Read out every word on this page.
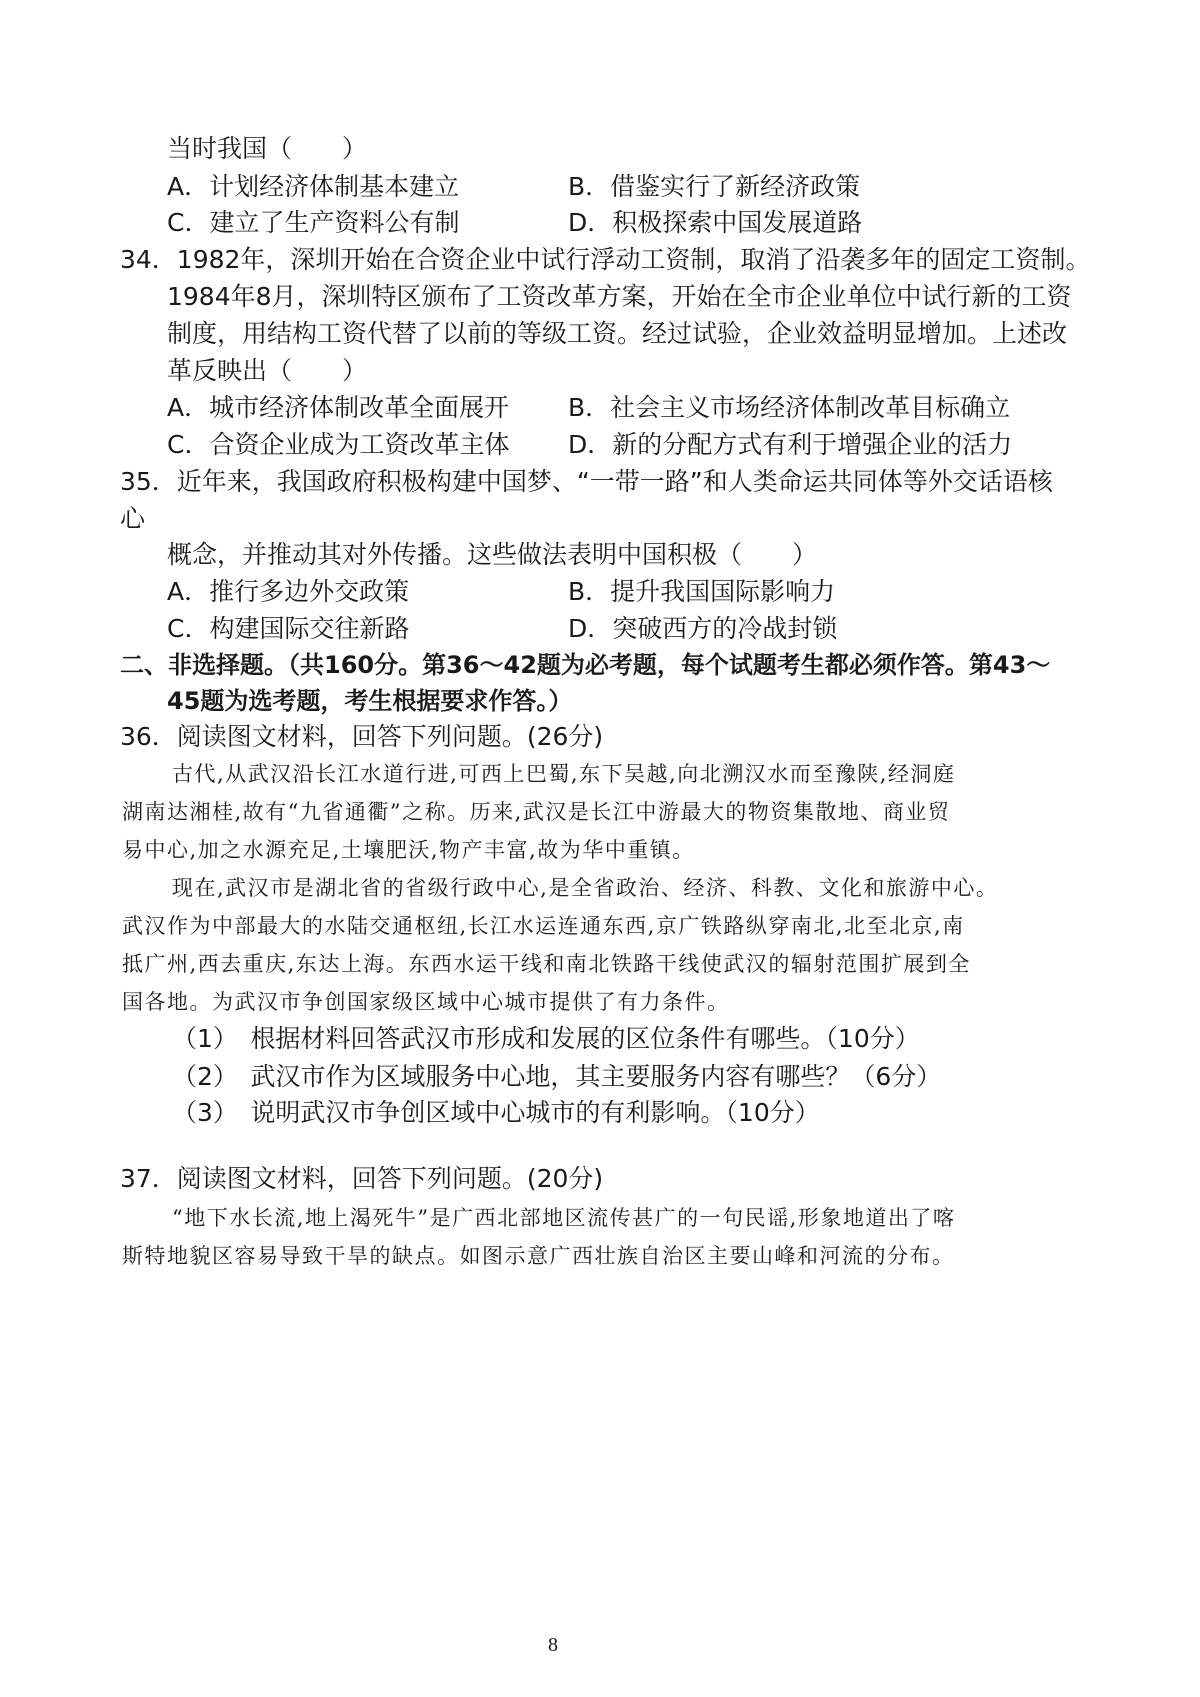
当时我国（　　）
A．计划经济体制基本建立	B．借鉴实行了新经济政策
C．建立了生产资料公有制	D．积极探索中国发展道路
34．1982年，深圳开始在合资企业中试行浮动工资制，取消了沿袭多年的固定工资制。
1984年8月，深圳特区颁布了工资改革方案，开始在全市企业单位中试行新的工资
制度，用结构工资代替了以前的等级工资。经过试验，企业效益明显增加。上述改
革反映出（　　）
A．城市经济体制改革全面展开 B．社会主义市场经济体制改革目标确立
C．合资企业成为工资改革主体 D．新的分配方式有利于增强企业的活力
35．近年来，我国政府积极构建中国梦、“一带一路”和人类命运共同体等外交话语核
心
概念，并推动其对外传播。这些做法表明中国积极（　　）
A．推行多边外交政策	B．提升我国国际影响力
C．构建国际交往新路	D．突破西方的冷战封锁
二、非选择题。（共160分。第36～42题为必考题，每个试题考生都必须作答。第43～
45题为选考题，考生根据要求作答。）
36．阅读图文材料，回答下列问题。(26分)
古代,从武汉沿长江水道行进,可西上巴蜀,东下吴越,向北溯汉水而至豫陕,经洞庭
湖南达湘桂,故有“九省通衢”之称。历来,武汉是长江中游最大的物资集散地、商业贸
易中心,加之水源充足,土壤肥沃,物产丰富,故为华中重镇。
现在,武汉市是湖北省的省级行政中心,是全省政治、经济、科教、文化和旅游中心。
武汉作为中部最大的水陆交通枢纽,长江水运连通东西,京广铁路纵穿南北,北至北京,南
抵广州,西去重庆,东达上海。东西水运干线和南北铁路干线使武汉的辐射范围扩展到全
国各地。为武汉市争创国家级区域中心城市提供了有力条件。
（1）　根据材料回答武汉市形成和发展的区位条件有哪些。（10分）
（2）　武汉市作为区域服务中心地，其主要服务内容有哪些？（6分）
（3）　说明武汉市争创区域中心城市的有利影响。（10分）
37．阅读图文材料，回答下列问题。(20分)
“地下水长流,地上渴死牛”是广西北部地区流传甚广的一句民谣,形象地道出了喀
斯特地貌区容易导致干旱的缺点。如图示意广西壮族自治区主要山峰和河流的分布。
8
